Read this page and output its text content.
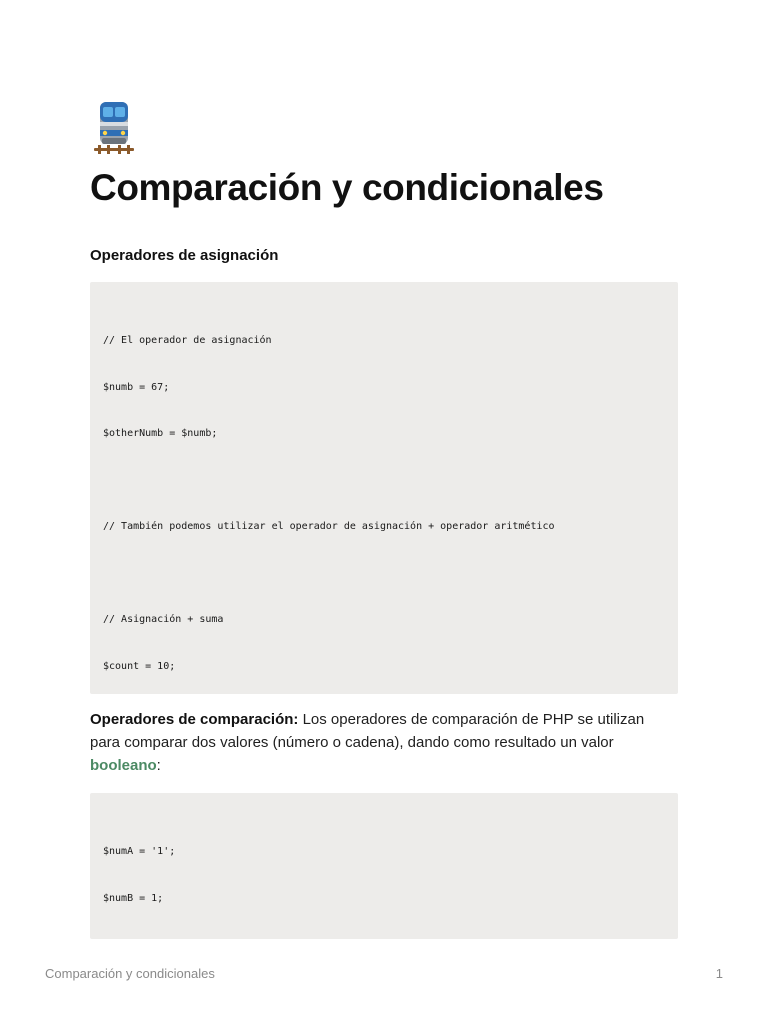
Comparación y condicionales
Operadores de asignación

// El operador de asignación

$numb = 67;

$otherNumb = $numb;

// También podemos utilizar el operador de asignación + operador aritmético

// Asignación + suma

$count = 10;

Operadores de comparación: Los operadores de comparación de PHP se utilizan para comparar dos valores (número o cadena), dando como resultado un valor booleano:

$numA = '1';

$numB = 1;

Comparación y condicionales	1
